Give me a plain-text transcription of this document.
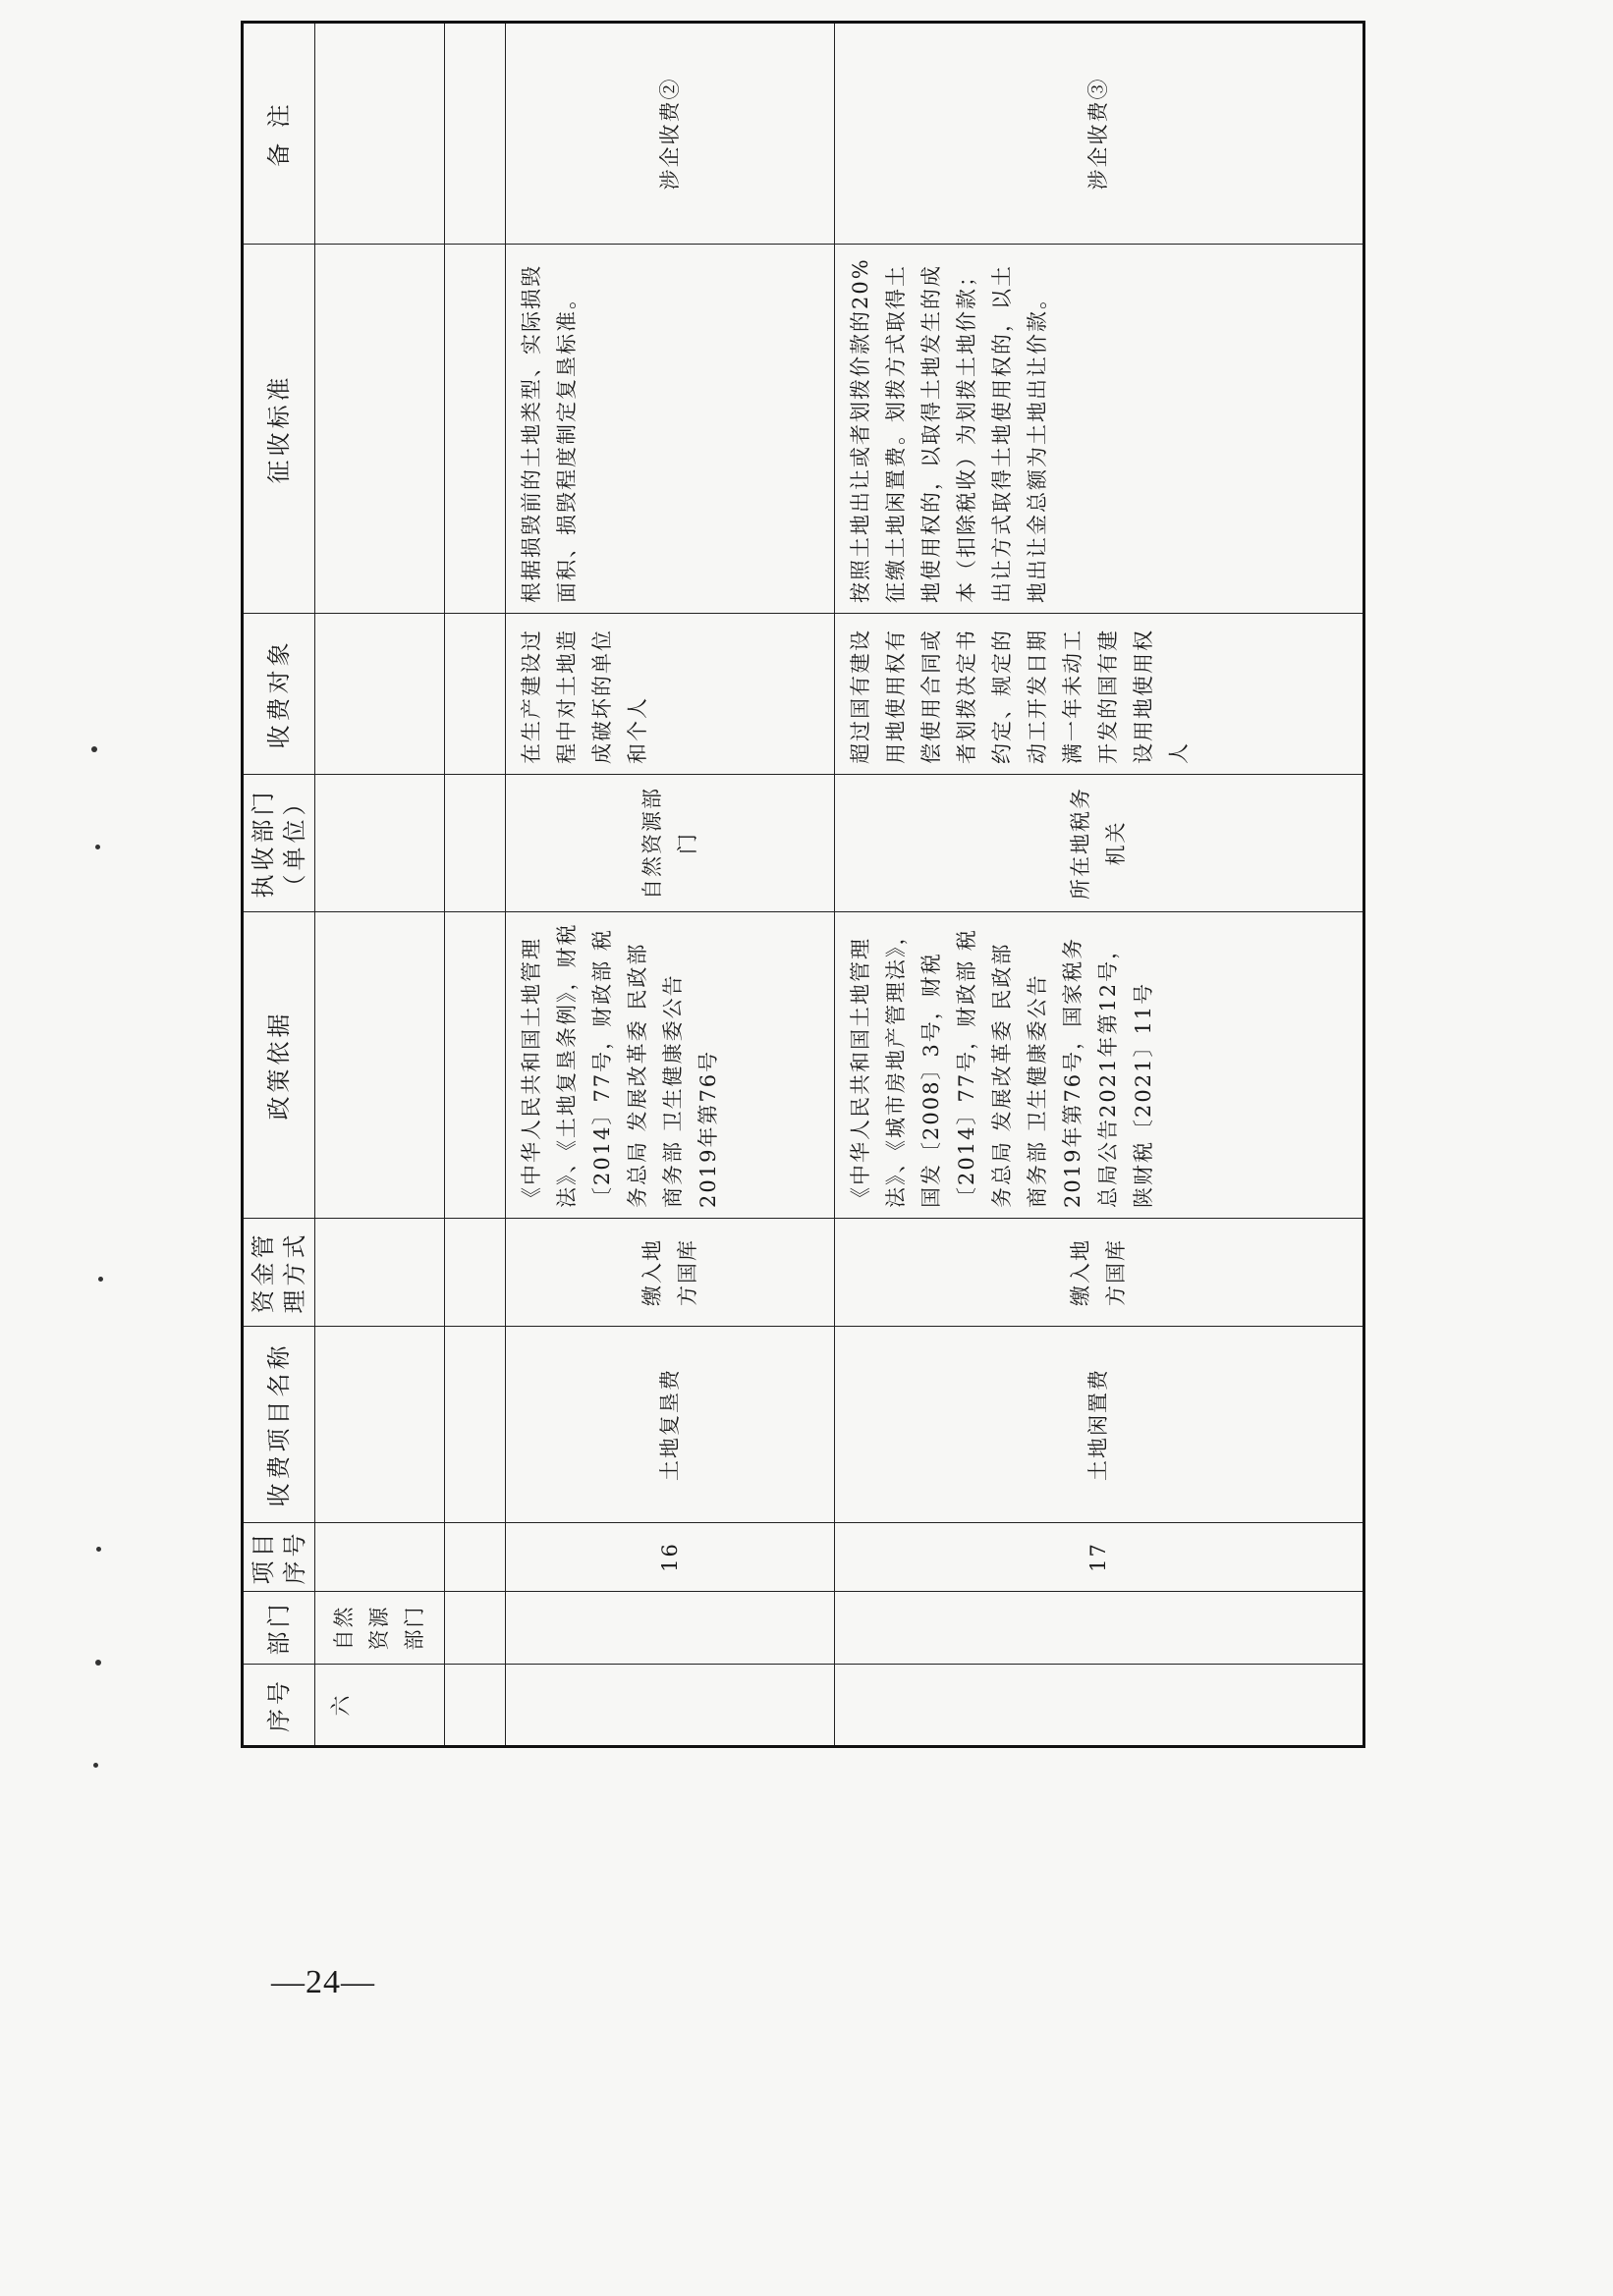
序号	部门	项目序号	收费项目名称	资金管理方式	政策依据	执收部门（单位）	收费对象	征收标准	备 注
六	自然资源部门								

		16	土地复垦费	缴入地方国库	《中华人民共和国土地管理法》、《土地复垦条例》，财税〔2014〕77号，财政部 税务总局 发展改革委 民政部 商务部 卫生健康委公告2019年第76号	自然资源部门	在生产建设过程中对土地造成破坏的单位和个人	根据损毁前的土地类型、实际损毁面积、损毁程度制定复垦标准。	涉企收费②

		17	土地闲置费	缴入地方国库	《中华人民共和国土地管理法》、《城市房地产管理法》，国发〔2008〕3号，财税〔2014〕77号，财政部 税务总局 发展改革委 民政部 商务部 卫生健康委公告2019年第76号，国家税务总局公告2021年第12号，陕财税〔2021〕11号	所在地税务机关	超过国有建设用地使用权有偿使用合同或者划拨决定书约定、规定的动工开发日期满一年未动工开发的国有建设用地使用权人	按照土地出让或者划拨价款的20%征缴土地闲置费。划拨方式取得土地使用权的，以取得土地发生的成本（扣除税收）为划拨土地价款；出让方式取得土地使用权的，以土地出让金总额为土地出让价款。	涉企收费③
—24—
